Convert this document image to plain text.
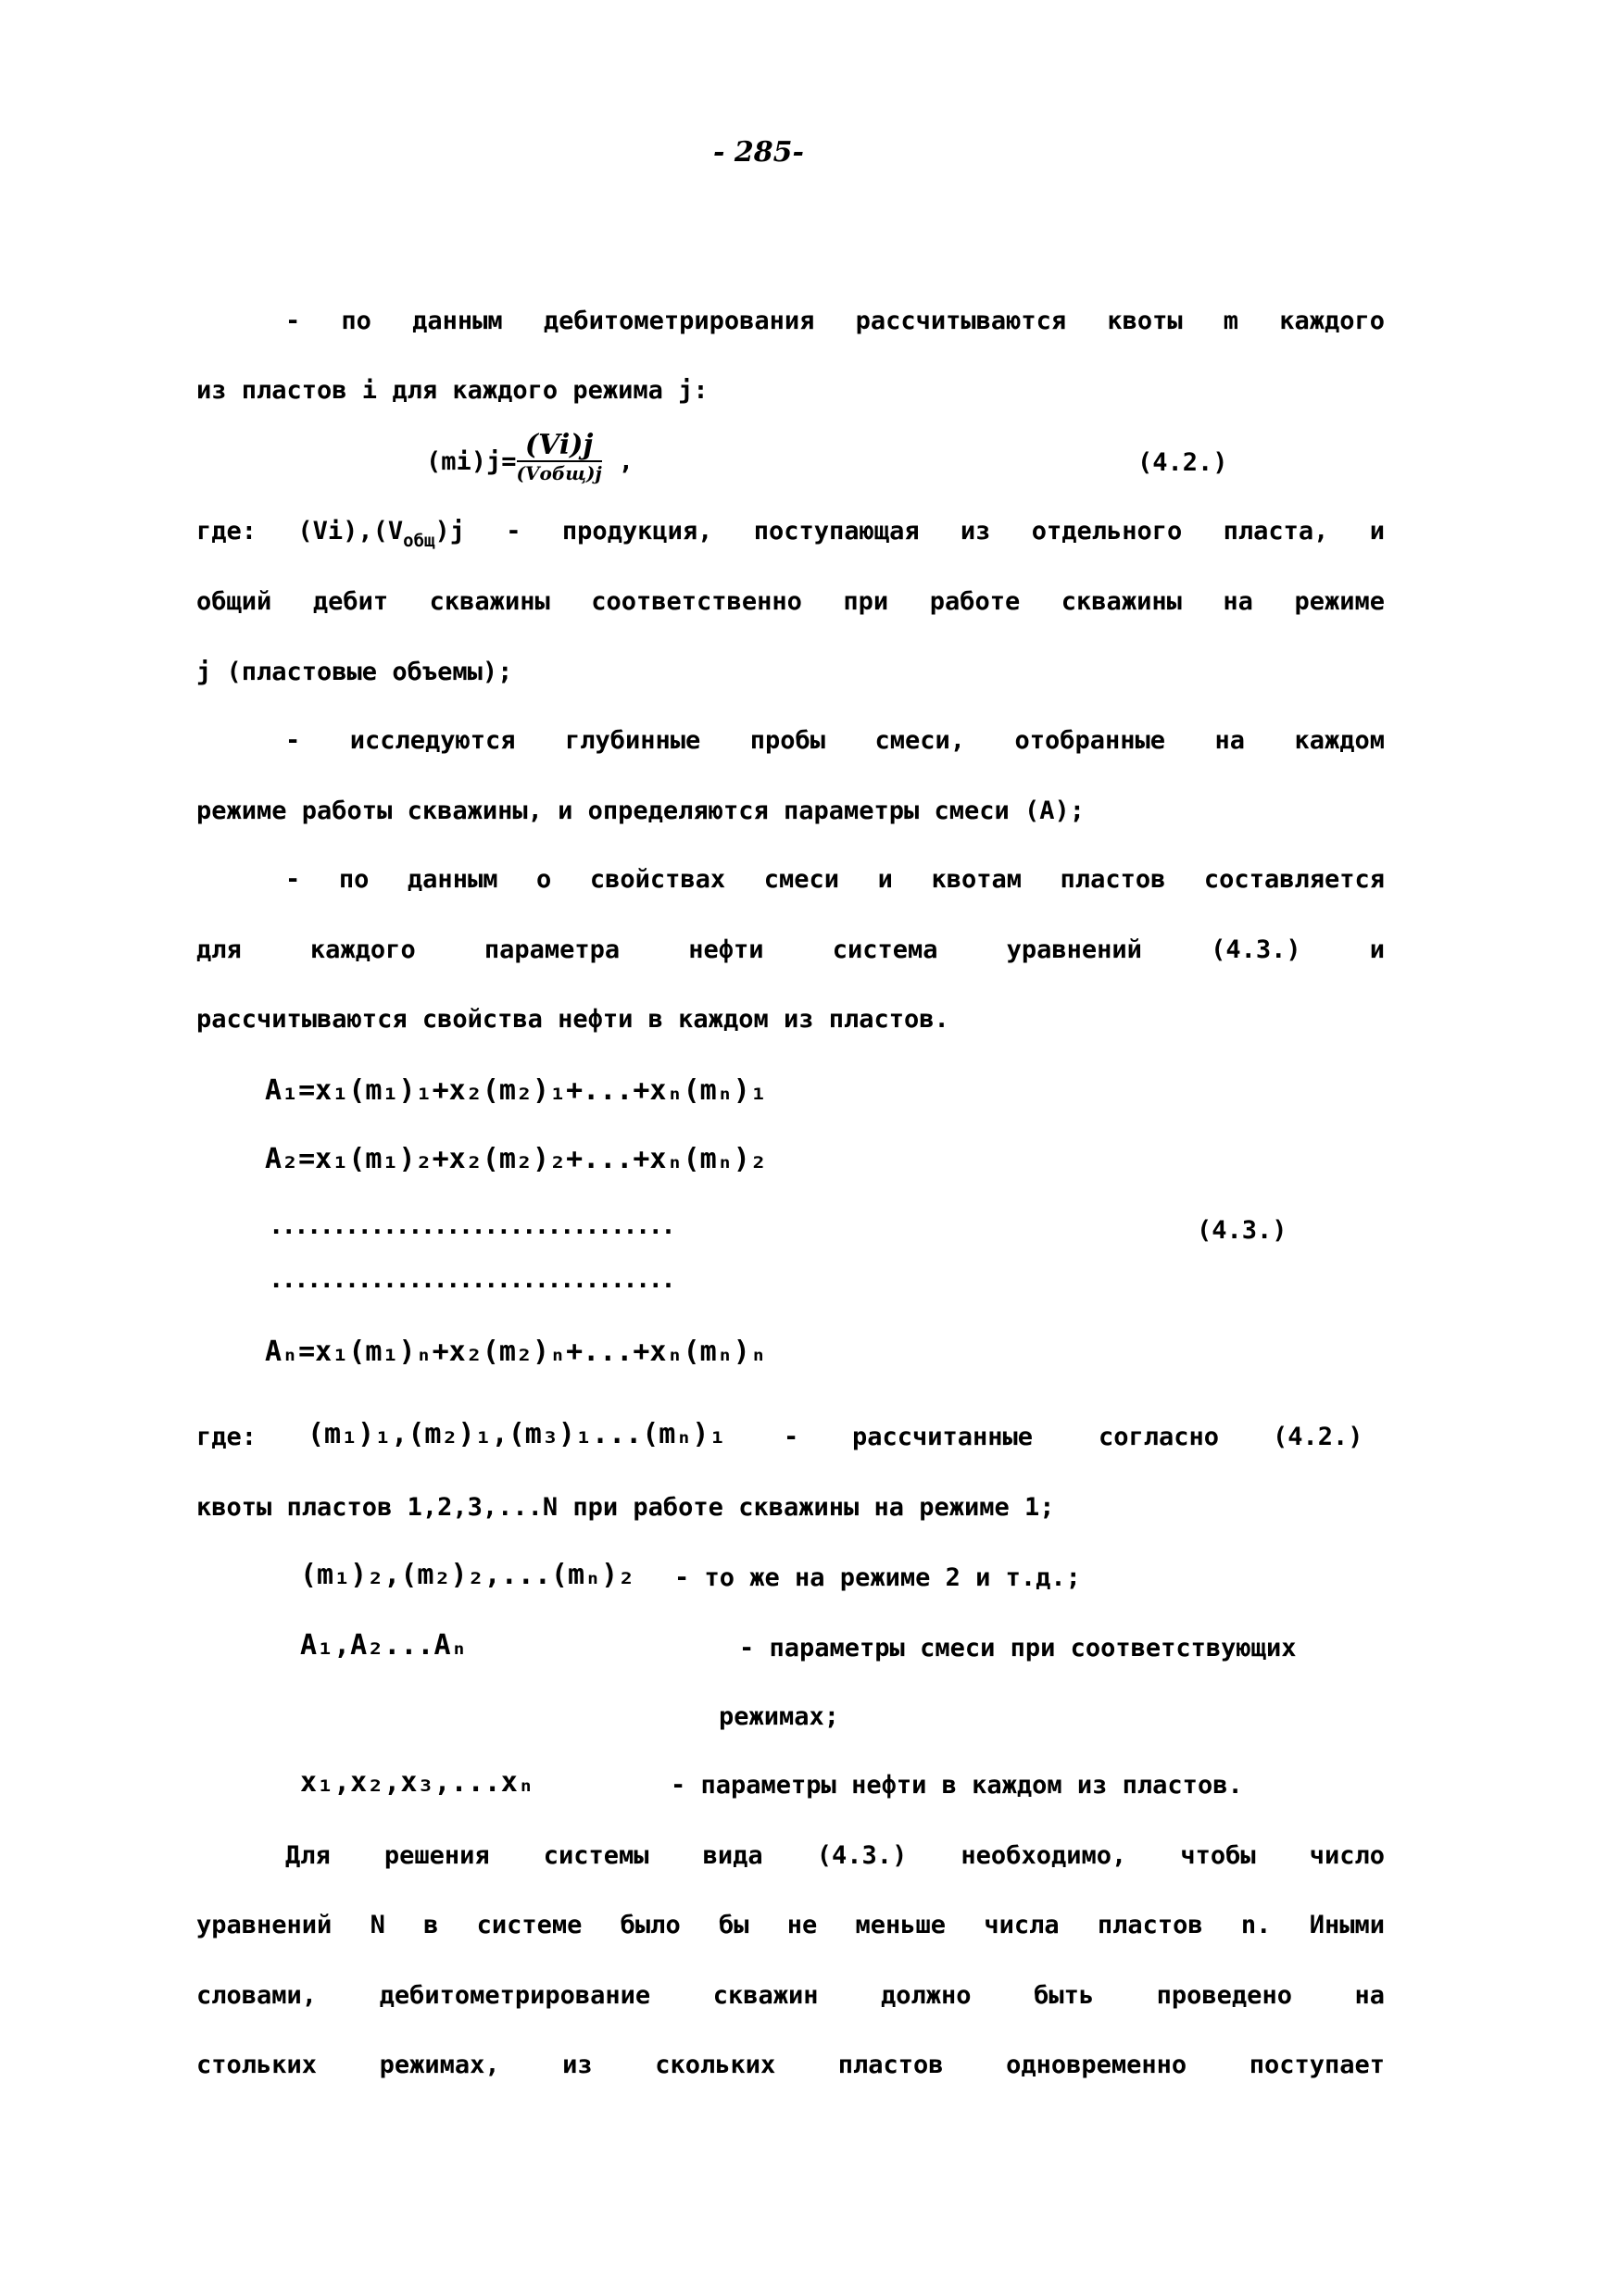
- 285-
- по данным дебитометрирования рассчитываются квоты m каждого
из пластов i для каждого режима j:
$(mi)j= \frac{(Vi)j}{\text{(Vобщ)j}}$ ,	(4.2.)
где: $(Vi),(V_{общ})j$ - продукция, поступающая из отдельного пласта, и
общий дебит скважины соответственно при работе скважины на режиме
j (пластовые объемы);
- исследуются глубинные пробы смеси, отобранные на каждом
режиме работы скважины, и определяются параметры смеси (A);
- по данным о свойствах смеси и квотам пластов составляется
для каждого параметра нефти система уравнений (4.3.) и
рассчитываются свойства нефти в каждом из пластов.
A₁=x₁(m₁)₁+x₂(m₂)₁+...+xₙ(mₙ)₁
A₂=x₁(m₁)₂+x₂(m₂)₂+...+xₙ(mₙ)₂
................................	(4.3.)
................................
Aₙ=x₁(m₁)ₙ+x₂(m₂)ₙ+...+xₙ(mₙ)ₙ
где: (m₁)₁,(m₂)₁,(m₃)₁...(mₙ)₁ - рассчитанные	согласно (4.2.)
квоты пластов 1,2,3,...N при работе скважины на режиме 1;
(m₁)₂,(m₂)₂,...(mₙ)₂ - то же на режиме 2 и т.д.;
A₁,A₂...Aₙ	- параметры смеси при соответствующих
режимах;
x₁,x₂,x₃,...xₙ	- параметры нефти в каждом из пластов.
Для решения системы вида (4.3.) необходимо, чтобы число
уравнений N в системе было бы не меньше числа пластов n. Иными
словами, дебитометрирование скважин должно быть проведено на
стольких режимах, из скольких пластов одновременно поступает
